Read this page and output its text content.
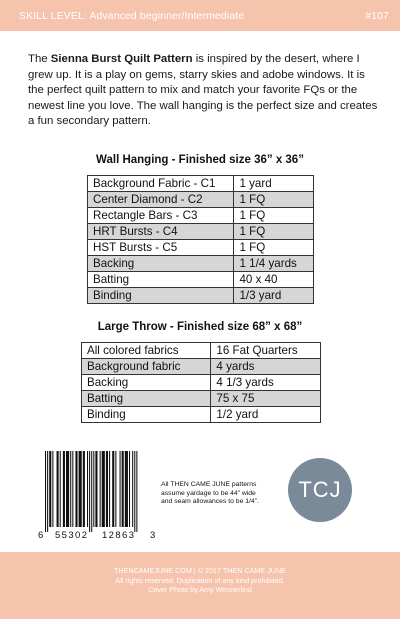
SKILL LEVEL: Advanced beginner/Intermediate	#107

The Sienna Burst Quilt Pattern is inspired by the desert, where I grew up. It is a play on gems, starry skies and adobe windows. It is the perfect quilt pattern to mix and match your favorite FQs or the newest line you love. The wall hanging is the perfect size and creates a fun secondary pattern.

Wall Hanging - Finished size 36” x 36”
Background Fabric - C1	1 yard
Center Diamond - C2	1 FQ
Rectangle Bars - C3	1 FQ
HRT Bursts - C4	1 FQ
HST Bursts - C5	1 FQ
Backing	1 1/4 yards
Batting	40 x 40
Binding	1/3 yard
Large Throw - Finished size 68” x 68”
All colored fabrics	16 Fat Quarters
Background fabric	4 yards
Backing	4 1/3 yards
Batting	75 x 75
Binding	1/2 yard
6 55302 12863 3
All THEN CAME JUNE patterns
assume yardage to be 44” wide
and seam allowances to be 1/4”.	TCJ
THENCAMEJUNE.COM | © 2017 THEN CAME JUNE
All rights reserved. Duplication of any kind prohibited.
Cover Photo by Amy Wennerlind
